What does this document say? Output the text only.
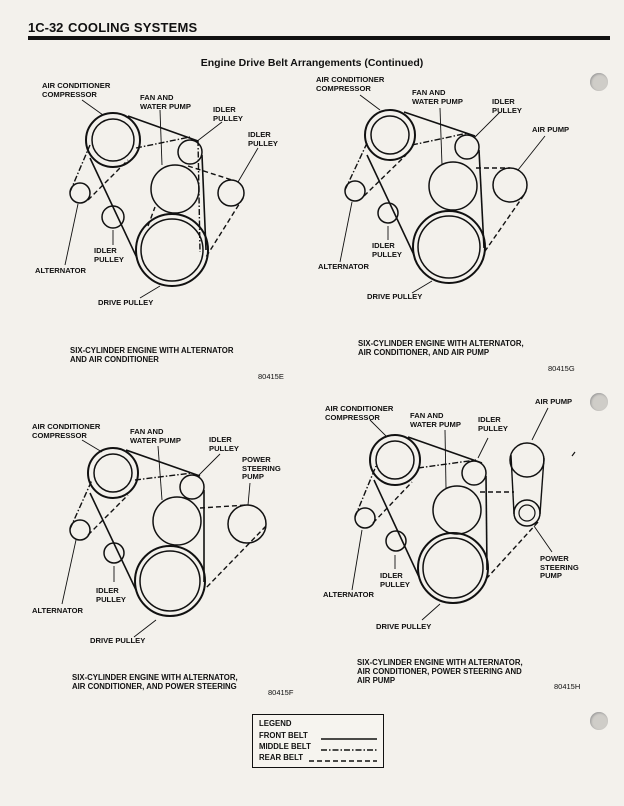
1C-32 COOLING SYSTEMS
Engine Drive Belt Arrangements (Continued)
AIR CONDITIONER
COMPRESSOR	FAN AND
WATER PUMP	IDLER
PULLEY
IDLER
PULLEY
IDLER
PULLEY
ALTERNATOR
DRIVE PULLEY
SIX-CYLINDER ENGINE WITH ALTERNATOR
AND AIR CONDITIONER
80415E
AIR CONDITIONER
COMPRESSOR	FAN AND
WATER PUMP	IDLER
PULLEY
AIR PUMP
IDLER
PULLEY
ALTERNATOR
DRIVE PULLEY
SIX-CYLINDER ENGINE WITH ALTERNATOR,
AIR CONDITIONER, AND AIR PUMP
80415G
AIR CONDITIONER
COMPRESSOR	FAN AND
WATER PUMP	IDLER
PULLEY
POWER
STEERING
PUMP
IDLER
PULLEY
ALTERNATOR
DRIVE PULLEY
SIX-CYLINDER ENGINE WITH ALTERNATOR,
AIR CONDITIONER, AND POWER STEERING
80415F
AIR CONDITIONER
COMPRESSOR	FAN AND
WATER PUMP
IDLER
PULLEY
AIR PUMP
POWER
STEERING
PUMP
IDLER
PULLEY
ALTERNATOR
DRIVE PULLEY
SIX-CYLINDER ENGINE WITH ALTERNATOR,
AIR CONDITIONER, POWER STEERING AND
AIR PUMP
80415H
LEGEND
FRONT BELT
MIDDLE BELT
REAR BELT
